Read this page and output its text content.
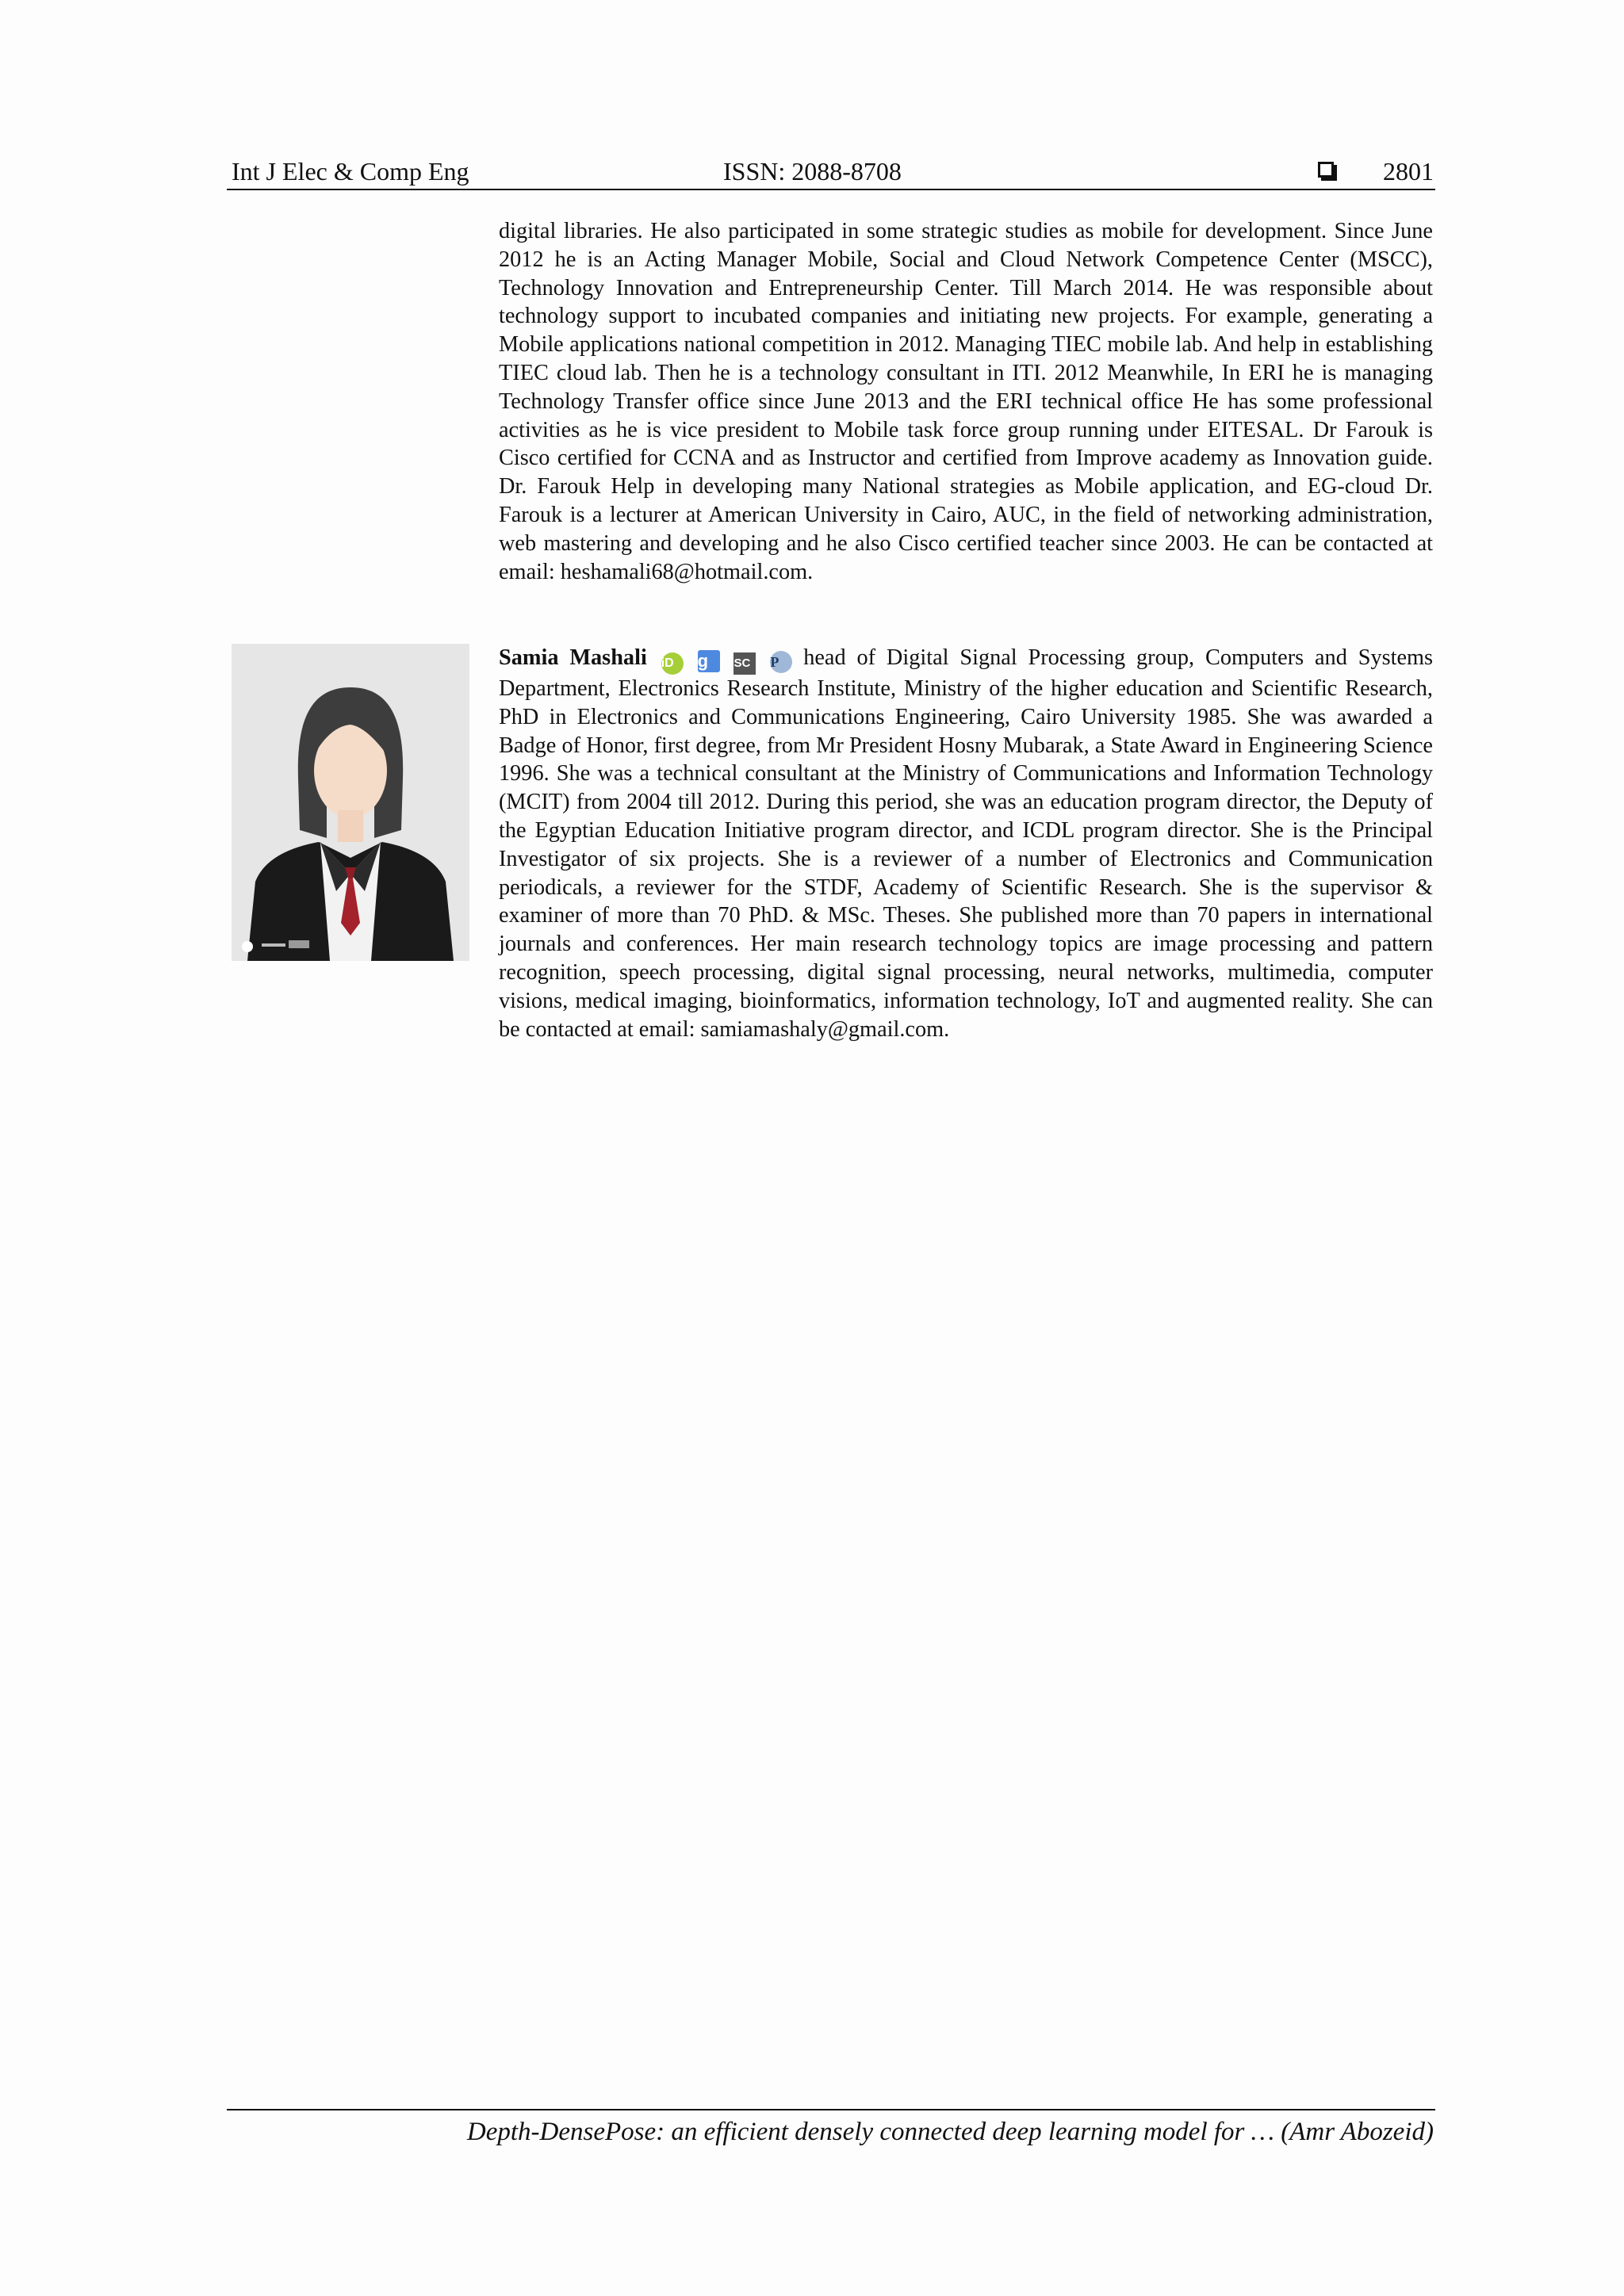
Int J Elec & Comp Eng	ISSN: 2088-8708	2801

digital libraries. He also participated in some strategic studies as mobile for development. Since June 2012 he is an Acting Manager Mobile, Social and Cloud Network Competence Center (MSCC), Technology Innovation and Entrepreneurship Center. Till March 2014. He was responsible about technology support to incubated companies and initiating new projects. For example, generating a Mobile applications national competition in 2012. Managing TIEC mobile lab. And help in establishing TIEC cloud lab. Then he is a technology consultant in ITI. 2012 Meanwhile, In ERI he is managing Technology Transfer office since June 2013 and the ERI technical office He has some professional activities as he is vice president to Mobile task force group running under EITESAL. Dr Farouk is Cisco certified for CCNA and as Instructor and certified from Improve academy as Innovation guide. Dr. Farouk Help in developing many National strategies as Mobile application, and EG-cloud Dr. Farouk is a lecturer at American University in Cairo, AUC, in the field of networking administration, web mastering and developing and he also Cisco certified teacher since 2003. He can be contacted at email: heshamali68@hotmail.com.

Samia Mashali iD g SC P head of Digital Signal Processing group, Computers and Systems Department, Electronics Research Institute, Ministry of the higher education and Scientific Research, PhD in Electronics and Communications Engineering, Cairo University 1985. She was awarded a Badge of Honor, first degree, from Mr President Hosny Mubarak, a State Award in Engineering Science 1996. She was a technical consultant at the Ministry of Communications and Information Technology (MCIT) from 2004 till 2012. During this period, she was an education program director, the Deputy of the Egyptian Education Initiative program director, and ICDL program director. She is the Principal Investigator of six projects. She is a reviewer of a number of Electronics and Communication periodicals, a reviewer for the STDF, Academy of Scientific Research. She is the supervisor & examiner of more than 70 PhD. & MSc. Theses. She published more than 70 papers in international journals and conferences. Her main research technology topics are image processing and pattern recognition, speech processing, digital signal processing, neural networks, multimedia, computer visions, medical imaging, bioinformatics, information technology, IoT and augmented reality. She can be contacted at email: samiamashaly@gmail.com.

Depth-DensePose: an efficient densely connected deep learning model for … (Amr Abozeid)
